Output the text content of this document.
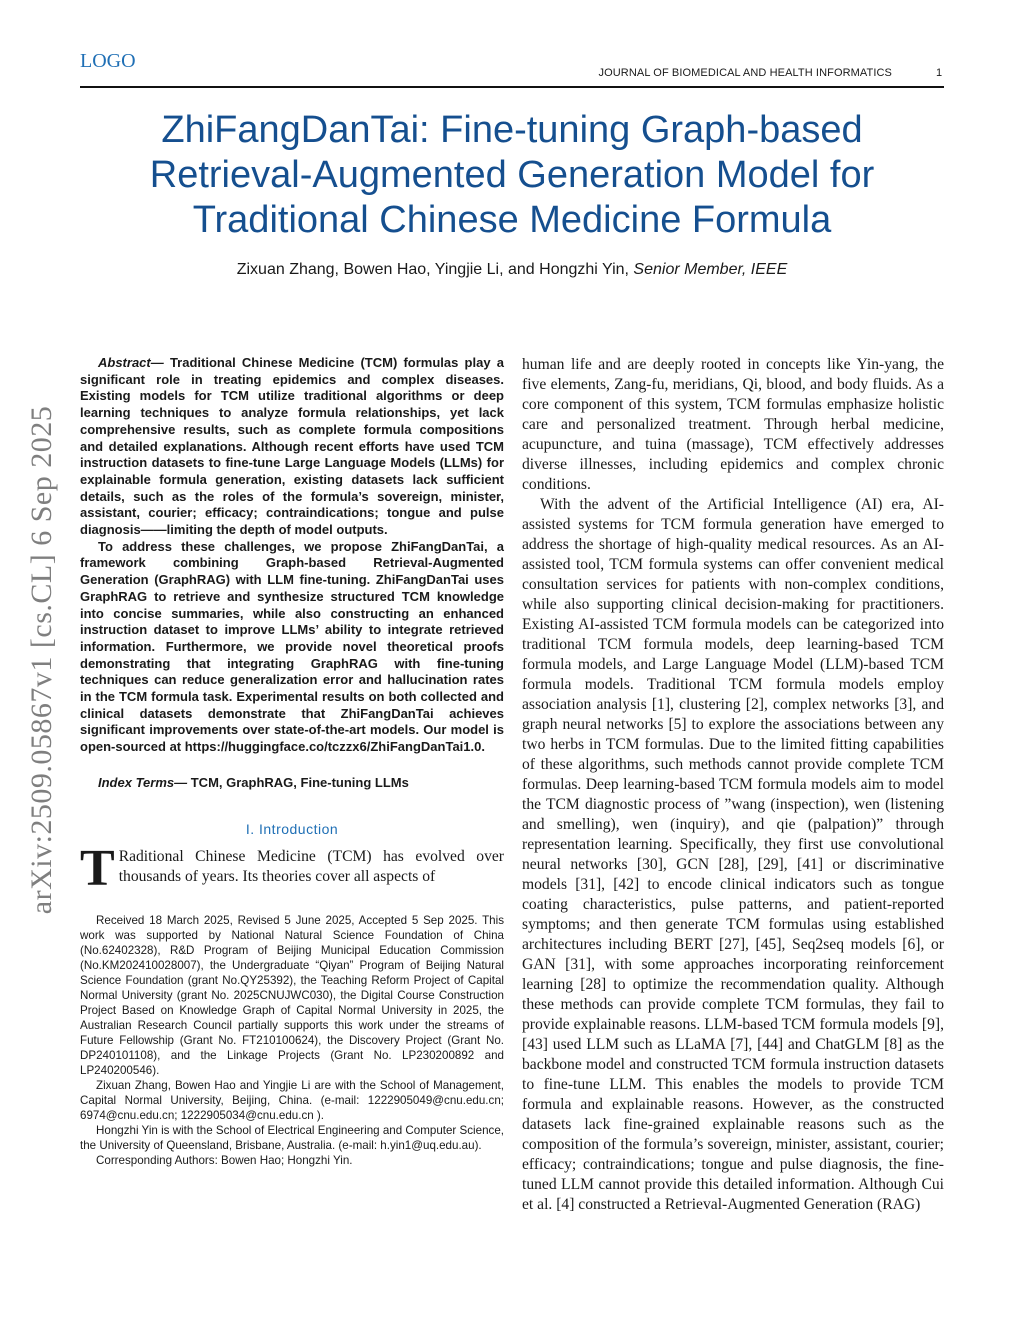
LOGO
JOURNAL OF BIOMEDICAL AND HEALTH INFORMATICS	1
arXiv:2509.05867v1 [cs.CL] 6 Sep 2025
ZhiFangDanTai: Fine-tuning Graph-based
Retrieval-Augmented Generation Model for
Traditional Chinese Medicine Formula
Zixuan Zhang, Bowen Hao, Yingjie Li, and Hongzhi Yin, Senior Member, IEEE

Abstract— Traditional Chinese Medicine (TCM) formulas play a significant role in treating epidemics and complex diseases. Existing models for TCM utilize traditional algorithms or deep learning techniques to analyze formula relationships, yet lack comprehensive results, such as complete formula compositions and detailed explanations. Although recent efforts have used TCM instruction datasets to fine-tune Large Language Models (LLMs) for explainable formula generation, existing datasets lack sufficient details, such as the roles of the formula’s sovereign, minister, assistant, courier; efficacy; contraindications; tongue and pulse diagnosis——limiting the depth of model outputs.

To address these challenges, we propose ZhiFangDanTai, a framework combining Graph-based Retrieval-Augmented Generation (GraphRAG) with LLM fine-tuning. ZhiFangDanTai uses GraphRAG to retrieve and synthesize structured TCM knowledge into concise summaries, while also constructing an enhanced instruction dataset to improve LLMs’ ability to integrate retrieved information. Furthermore, we provide novel theoretical proofs demonstrating that integrating GraphRAG with fine-tuning techniques can reduce generalization error and hallucination rates in the TCM formula task. Experimental results on both collected and clinical datasets demonstrate that ZhiFangDanTai achieves significant improvements over state-of-the-art models. Our model is open-sourced at https://huggingface.co/tczzx6/ZhiFangDanTai1.0.

Index Terms— TCM, GraphRAG, Fine-tuning LLMs

I. Introduction

T Raditional Chinese Medicine (TCM) has evolved over thousands of years. Its theories cover all aspects of

Received 18 March 2025, Revised 5 June 2025, Accepted 5 Sep 2025. This work was supported by National Natural Science Foundation of China (No.62402328), R&D Program of Beijing Municipal Education Commission (No.KM202410028007), the Undergraduate “Qiyan” Program of Beijing Natural Science Foundation (grant No.QY25392), the Teaching Reform Project of Capital Normal University (grant No. 2025CNUJWC030), the Digital Course Construction Project Based on Knowledge Graph of Capital Normal University in 2025, the Australian Research Council partially supports this work under the streams of Future Fellowship (Grant No. FT210100624), the Discovery Project (Grant No. DP240101108), and the Linkage Projects (Grant No. LP230200892 and LP240200546).

Zixuan Zhang, Bowen Hao and Yingjie Li are with the School of Management, Capital Normal University, Beijing, China. (e-mail: 1222905049@cnu.edu.cn; 6974@cnu.edu.cn; 1222905034@cnu.edu.cn ).

Hongzhi Yin is with the School of Electrical Engineering and Computer Science, the University of Queensland, Brisbane, Australia. (e-mail: h.yin1@uq.edu.au).

Corresponding Authors: Bowen Hao; Hongzhi Yin.

human life and are deeply rooted in concepts like Yin-yang, the five elements, Zang-fu, meridians, Qi, blood, and body fluids. As a core component of this system, TCM formulas emphasize holistic care and personalized treatment. Through herbal medicine, acupuncture, and tuina (massage), TCM effectively addresses diverse illnesses, including epidemics and complex chronic conditions.

With the advent of the Artificial Intelligence (AI) era, AI-assisted systems for TCM formula generation have emerged to address the shortage of high-quality medical resources. As an AI-assisted tool, TCM formula systems can offer convenient medical consultation services for patients with non-complex conditions, while also supporting clinical decision-making for practitioners. Existing AI-assisted TCM formula models can be categorized into traditional TCM formula models, deep learning-based TCM formula models, and Large Language Model (LLM)-based TCM formula models. Traditional TCM formula models employ association analysis [1], clustering [2], complex networks [3], and graph neural networks [5] to explore the associations between any two herbs in TCM formulas. Due to the limited fitting capabilities of these algorithms, such methods cannot provide complete TCM formulas. Deep learning-based TCM formula models aim to model the TCM diagnostic process of ”wang (inspection), wen (listening and smelling), wen (inquiry), and qie (palpation)” through representation learning. Specifically, they first use convolutional neural networks [30], GCN [28], [29], [41] or discriminative models [31], [42] to encode clinical indicators such as tongue coating characteristics, pulse patterns, and patient-reported symptoms; and then generate TCM formulas using established architectures including BERT [27], [45], Seq2seq models [6], or GAN [31], with some approaches incorporating reinforcement learning [28] to optimize the recommendation quality. Although these methods can provide complete TCM formulas, they fail to provide explainable reasons. LLM-based TCM formula models [9], [43] used LLM such as LLaMA [7], [44] and ChatGLM [8] as the backbone model and constructed TCM formula instruction datasets to fine-tune LLM. This enables the models to provide TCM formula and explainable reasons. However, as the constructed datasets lack fine-grained explainable reasons such as the composition of the formula’s sovereign, minister, assistant, courier; efficacy; contraindications; tongue and pulse diagnosis, the fine-tuned LLM cannot provide this detailed information. Although Cui et al. [4] constructed a Retrieval-Augmented Generation (RAG)
